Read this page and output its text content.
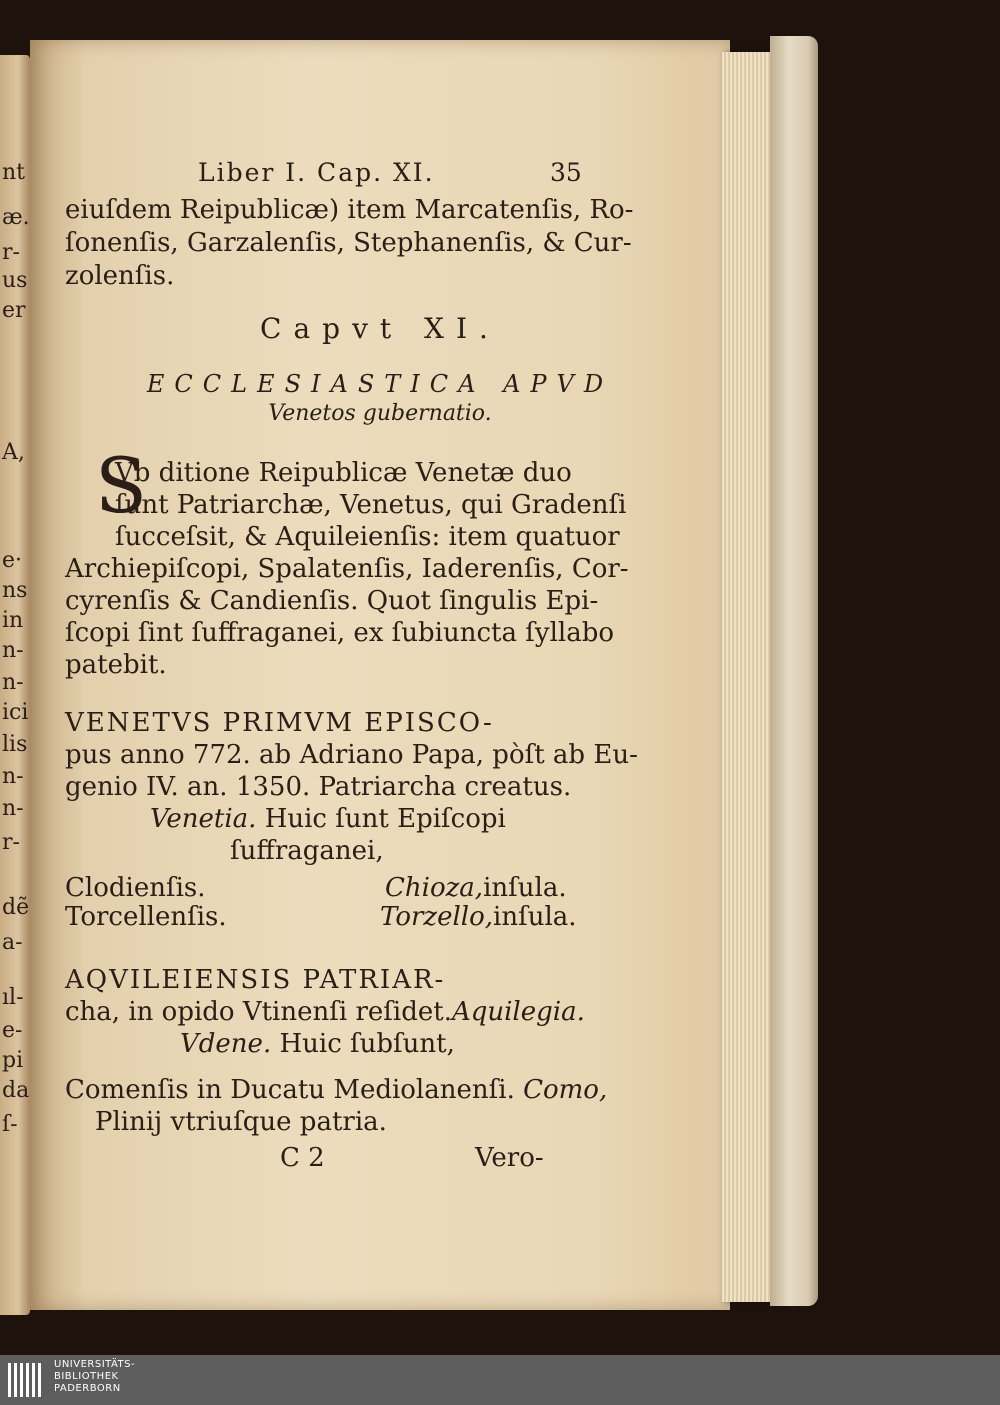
nt
æ.
r-
us
er
A,
e·
ns
in
n-
n-
ici
lis
n-
n-
r-
dẽ
a-
ıl-
e-
pi
da
ſ-
Liber I. Cap. XI.	35
eiuſdem Reipublicæ) item Marcatenſis, Ro-
ſonenſis, Garzalenſis, Stephanenſis, & Cur-
zolenſis.
Capvt XI.
ECCLESIASTICA APVD
Venetos gubernatio.
S
Vb ditione Reipublicæ Venetæ duo
ſunt Patriarchæ, Venetus, qui Gradenſi
ſucceſsit, & Aquileienſis: item quatuor
Archiepiſcopi, Spalatenſis, Iaderenſis, Cor-
cyrenſis & Candienſis. Quot ſingulis Epi-
ſcopi ſint ſuffraganei, ex ſubiuncta ſyllabo
patebit.
VENETVS PRIMVM EPISCO-
pus anno 772. ab Adriano Papa, pòſt ab Eu-
genio IV. an. 1350. Patriarcha creatus.
Venetia. Huic ſunt Epiſcopi
ſuffraganei,
Clodienſis.	Chioza,inſula.
Torcellenſis.	Torzello,inſula.
AQVILEIENSIS PATRIAR-
cha, in opido Vtinenſi reſidet.Aquilegia.
Vdene. Huic ſubſunt,
Comenſis in Ducatu Mediolanenſi. Como,
Plinij vtriuſque patria.
C 2	Vero-
UNIVERSITÄTS-
BIBLIOTHEK
PADERBORN
